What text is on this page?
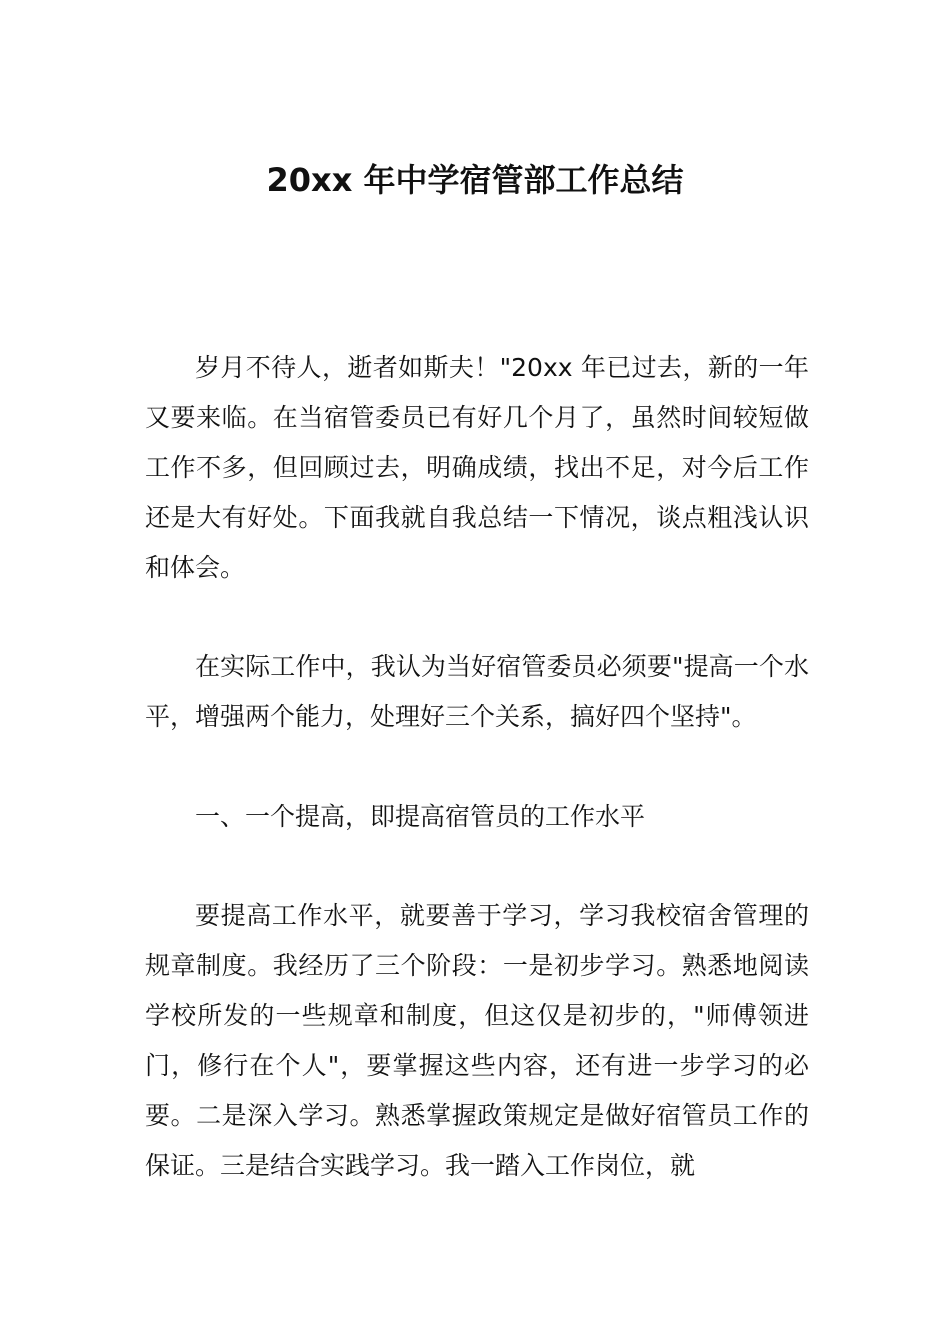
20xx 年中学宿管部工作总结

岁月不待人，逝者如斯夫！"20xx 年已过去，新的一年又要来临。在当宿管委员已有好几个月了，虽然时间较短做工作不多，但回顾过去，明确成绩，找出不足，对今后工作还是大有好处。下面我就自我总结一下情况，谈点粗浅认识和体会。

在实际工作中，我认为当好宿管委员必须要"提高一个水平，增强两个能力，处理好三个关系，搞好四个坚持"。

一、一个提高，即提高宿管员的工作水平

要提高工作水平，就要善于学习，学习我校宿舍管理的规章制度。我经历了三个阶段：一是初步学习。熟悉地阅读学校所发的一些规章和制度，但这仅是初步的，"师傅领进门，修行在个人"，要掌握这些内容，还有进一步学习的必要。二是深入学习。熟悉掌握政策规定是做好宿管员工作的保证。三是结合实践学习。我一踏入工作岗位，就
